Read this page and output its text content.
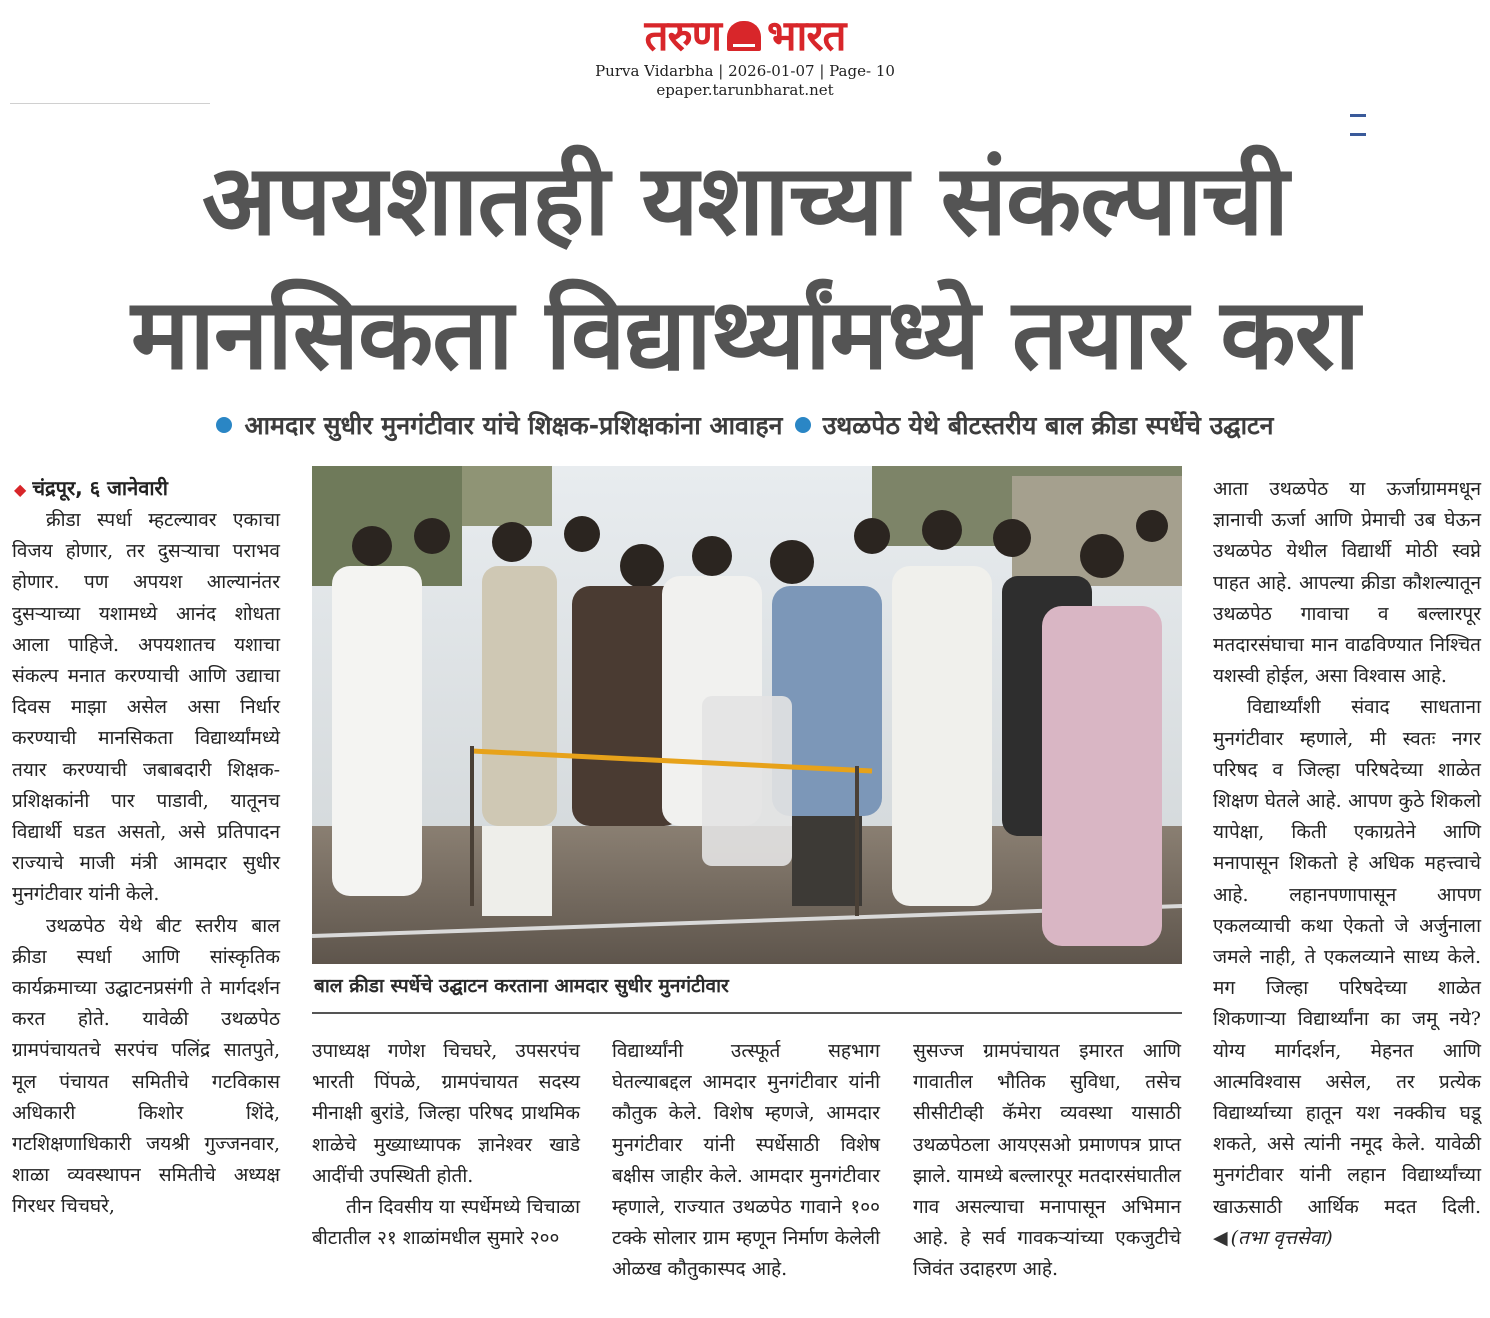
तरुण भारत
Purva Vidarbha | 2026-01-07 | Page- 10
epaper.tarunbharat.net
अपयशातही यशाच्या संकल्पाची
मानसिकता विद्यार्थ्यांमध्ये तयार करा
आमदार सुधीर मुनगंटीवार यांचे शिक्षक-प्रशिक्षकांना आवाहन उथळपेठ येथे बीटस्तरीय बाल क्रीडा स्पर्धेचे उद्घाटन
◆ चंद्रपूर, ६ जानेवारी

क्रीडा स्पर्धा म्हटल्यावर एकाचा विजय होणार, तर दुसऱ्याचा पराभव होणार. पण अपयश आल्यानंतर दुसऱ्याच्या यशामध्ये आनंद शोधता आला पाहिजे. अपयशातच यशाचा संकल्प मनात करण्याची आणि उद्याचा दिवस माझा असेल असा निर्धार करण्याची मानसिकता विद्यार्थ्यांमध्ये तयार करण्याची जबाबदारी शिक्षक-प्रशिक्षकांनी पार पाडावी, यातूनच विद्यार्थी घडत असतो, असे प्रतिपादन राज्याचे माजी मंत्री आमदार सुधीर मुनगंटीवार यांनी केले.

उथळपेठ येथे बीट स्तरीय बाल क्रीडा स्पर्धा आणि सांस्कृतिक कार्यक्रमाच्या उद्घाटनप्रसंगी ते मार्गदर्शन करत होते. यावेळी उथळपेठ ग्रामपंचायतचे सरपंच पलिंद्र सातपुते, मूल पंचायत समितीचे गटविकास अधिकारी किशोर शिंदे, गटशिक्षणाधिकारी जयश्री गुज्जनवार, शाळा व्यवस्थापन समितीचे अध्यक्ष गिरधर चिचघरे,

बाल क्रीडा स्पर्धेचे उद्घाटन करताना आमदार सुधीर मुनगंटीवार

उपाध्यक्ष गणेश चिचघरे, उपसरपंच भारती पिंपळे, ग्रामपंचायत सदस्य मीनाक्षी बुरांडे, जिल्हा परिषद प्राथमिक शाळेचे मुख्याध्यापक ज्ञानेश्वर खाडे आदींची उपस्थिती होती.

तीन दिवसीय या स्पर्धेमध्ये चिचाळा बीटातील २१ शाळांमधील सुमारे २००

विद्यार्थ्यांनी उत्स्फूर्त सहभाग घेतल्याबद्दल आमदार मुनगंटीवार यांनी कौतुक केले. विशेष म्हणजे, आमदार मुनगंटीवार यांनी स्पर्धेसाठी विशेष बक्षीस जाहीर केले. आमदार मुनगंटीवार म्हणाले, राज्यात उथळपेठ गावाने १०० टक्के सोलार ग्राम म्हणून निर्माण केलेली ओळख कौतुकास्पद आहे.

सुसज्ज ग्रामपंचायत इमारत आणि गावातील भौतिक सुविधा, तसेच सीसीटीव्ही कॅमेरा व्यवस्था यासाठी उथळपेठला आयएसओ प्रमाणपत्र प्राप्त झाले. यामध्ये बल्लारपूर मतदारसंघातील गाव असल्याचा मनापासून अभिमान आहे. हे सर्व गावकऱ्यांच्या एकजुटीचे जिवंत उदाहरण आहे.

आता उथळपेठ या ऊर्जाग्राममधून ज्ञानाची ऊर्जा आणि प्रेमाची उब घेऊन उथळपेठ येथील विद्यार्थी मोठी स्वप्ने पाहत आहे. आपल्या क्रीडा कौशल्यातून उथळपेठ गावाचा व बल्लारपूर मतदारसंघाचा मान वाढविण्यात निश्चित यशस्वी होईल, असा विश्वास आहे.

विद्यार्थ्यांशी संवाद साधताना मुनगंटीवार म्हणाले, मी स्वतः नगर परिषद व जिल्हा परिषदेच्या शाळेत शिक्षण घेतले आहे. आपण कुठे शिकलो यापेक्षा, किती एकाग्रतेने आणि मनापासून शिकतो हे अधिक महत्त्वाचे आहे. लहानपणापासून आपण एकलव्याची कथा ऐकतो जे अर्जुनाला जमले नाही, ते एकलव्याने साध्य केले. मग जिल्हा परिषदेच्या शाळेत शिकणाऱ्या विद्यार्थ्यांना का जमू नये? योग्य मार्गदर्शन, मेहनत आणि आत्मविश्वास असेल, तर प्रत्येक विद्यार्थ्याच्या हातून यश नक्कीच घडू शकते, असे त्यांनी नमूद केले. यावेळी मुनगंटीवार यांनी लहान विद्यार्थ्यांच्या खाऊसाठी आर्थिक मदत दिली. ◀ (तभा वृत्तसेवा)
